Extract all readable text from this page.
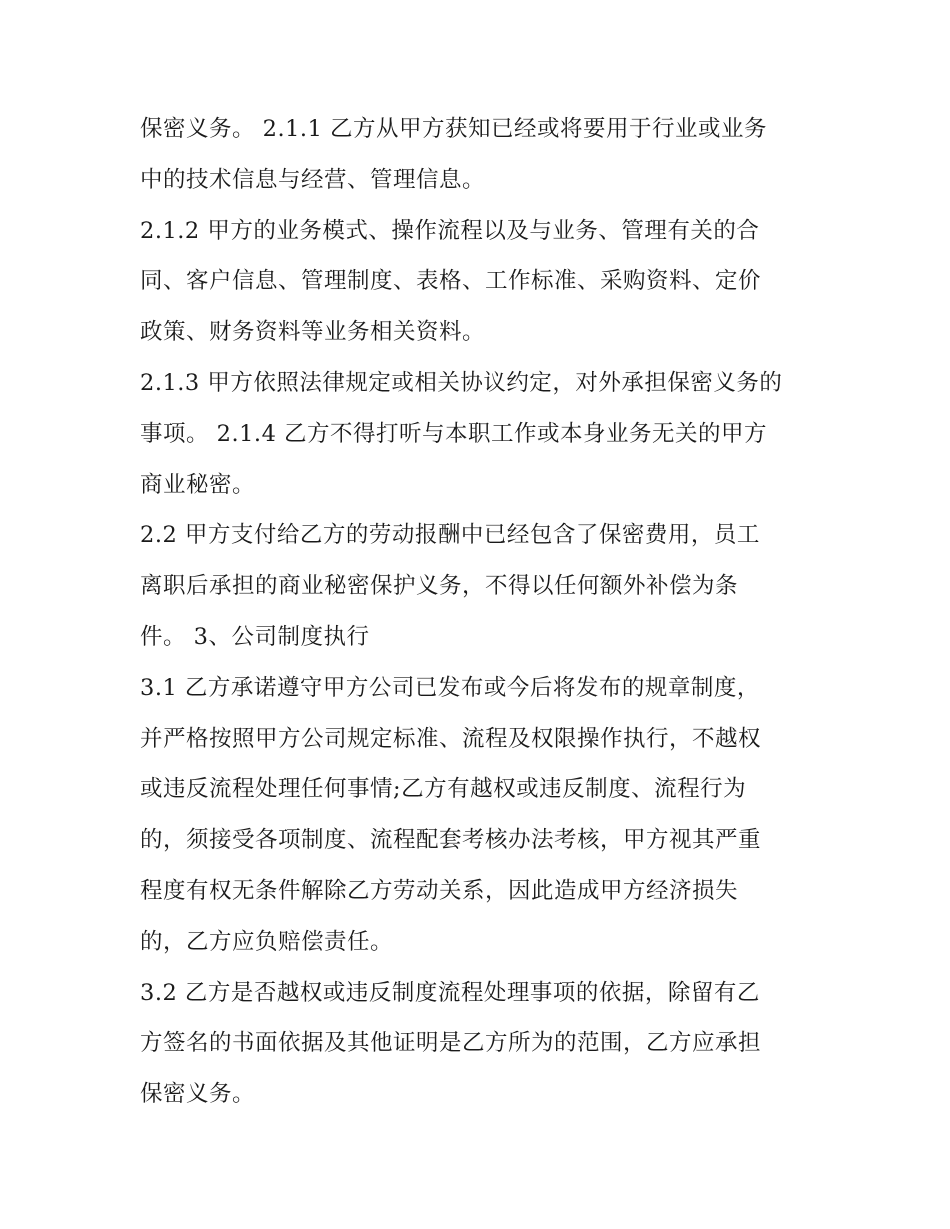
保密义务。 2.1.1 乙方从甲方获知已经或将要用于行业或业务
中的技术信息与经营、管理信息。
2.1.2 甲方的业务模式、操作流程以及与业务、管理有关的合
同、客户信息、管理制度、表格、工作标准、采购资料、定价
政策、财务资料等业务相关资料。
2.1.3 甲方依照法律规定或相关协议约定，对外承担保密义务的
事项。 2.1.4 乙方不得打听与本职工作或本身业务无关的甲方
商业秘密。
2.2 甲方支付给乙方的劳动报酬中已经包含了保密费用，员工
离职后承担的商业秘密保护义务，不得以任何额外补偿为条
件。 3、公司制度执行
3.1 乙方承诺遵守甲方公司已发布或今后将发布的规章制度，
并严格按照甲方公司规定标准、流程及权限操作执行，不越权
或违反流程处理任何事情;乙方有越权或违反制度、流程行为
的，须接受各项制度、流程配套考核办法考核，甲方视其严重
程度有权无条件解除乙方劳动关系，因此造成甲方经济损失
的，乙方应负赔偿责任。
3.2 乙方是否越权或违反制度流程处理事项的依据，除留有乙
方签名的书面依据及其他证明是乙方所为的范围，乙方应承担
保密义务。
